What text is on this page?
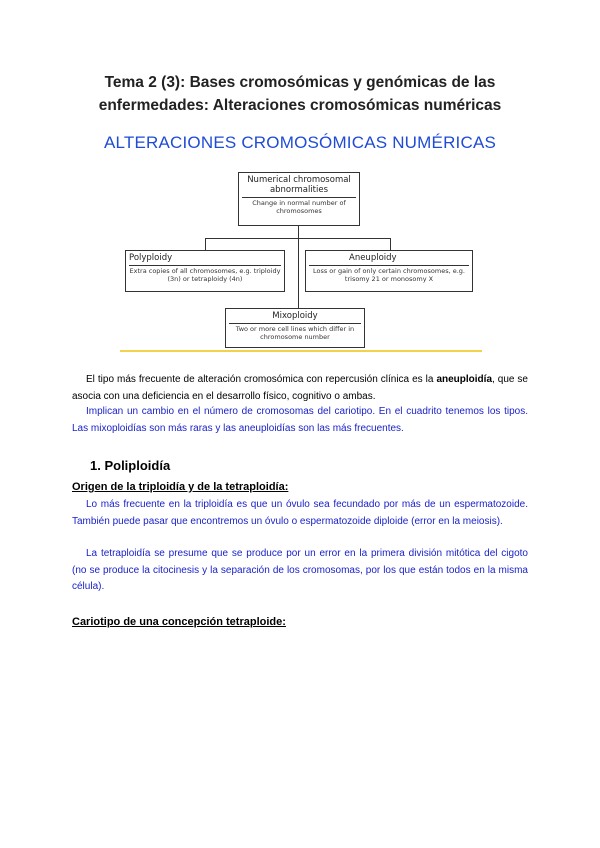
Tema 2 (3): Bases cromosómicas y genómicas de las
enfermedades: Alteraciones cromosómicas numéricas
ALTERACIONES CROMOSÓMICAS NUMÉRICAS
Numerical chromosomal abnormalities
Change in normal number of chromosomes
Polyploidy
Extra copies of all chromosomes, e.g. triploidy (3n) or tetraploidy (4n)
Aneuploidy
Loss or gain of only certain chromosomes, e.g. trisomy 21 or monosomy X
Mixoploidy
Two or more cell lines which differ in chromosome number
El tipo más frecuente de alteración cromosómica con repercusión clínica es la aneuploidía, que se asocia con una deficiencia en el desarrollo físico, cognitivo o ambas.
Implican un cambio en el número de cromosomas del cariotipo. En el cuadrito tenemos los tipos. Las mixoploidías son más raras y las aneuploidías son las más frecuentes.
1. Poliploidía
Origen de la triploidía y de la tetraploidía:
Lo más frecuente en la triploidía es que un óvulo sea fecundado por más de un espermatozoide. También puede pasar que encontremos un óvulo o espermatozoide diploide (error en la meiosis).
La tetraploidía se presume que se produce por un error en la primera división mitótica del cigoto (no se produce la citocinesis y la separación de los cromosomas, por los que están todos en la misma célula).
Cariotipo de una concepción tetraploide:
